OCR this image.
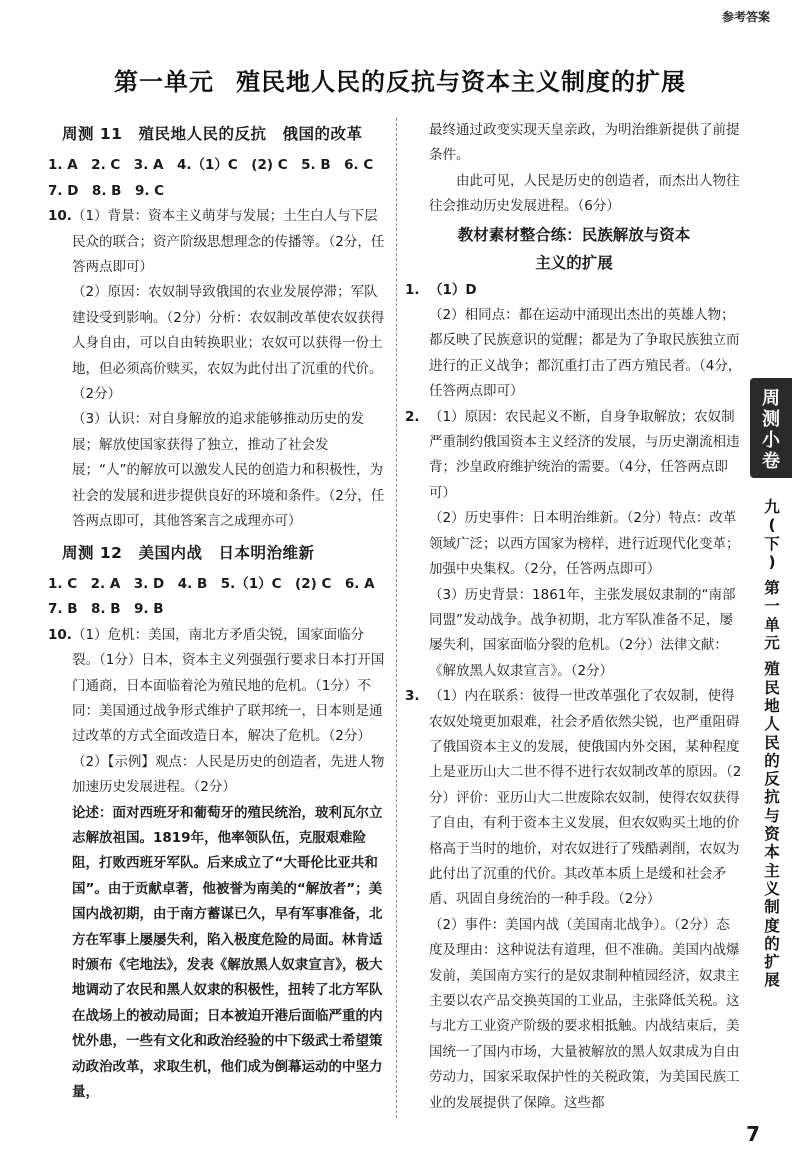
参考答案
第一单元 殖民地人民的反抗与资本主义制度的扩展
周测 11　殖民地人民的反抗　俄国的改革
1. A　2. C　3. A　4.（1）C　(2) C　5. B　6. C
7. D　8. B　9. C
10. （1）背景：资本主义萌芽与发展；土生白人与下层民众的联合；资产阶级思想理念的传播等。（2分，任答两点即可）

（2）原因：农奴制导致俄国的农业发展停滞；军队建设受到影响。（2分）分析：农奴制改革使农奴获得人身自由，可以自由转换职业；农奴可以获得一份土地，但必须高价赎买，农奴为此付出了沉重的代价。（2分）

（3）认识：对自身解放的追求能够推动历史的发展；解放使国家获得了独立，推动了社会发展；“人”的解放可以激发人民的创造力和积极性，为社会的发展和进步提供良好的环境和条件。（2分，任答两点即可，其他答案言之成理亦可）

周测 12　美国内战　日本明治维新
1. C　2. A　3. D　4. B　5.（1）C　(2) C　6. A
7. B　8. B　9. B
10. （1）危机：美国，南北方矛盾尖锐，国家面临分裂。（1分）日本，资本主义列强强行要求日本打开国门通商，日本面临着沦为殖民地的危机。（1分）不同：美国通过战争形式维护了联邦统一，日本则是通过改革的方式全面改造日本，解决了危机。（2分）

（2）【示例】观点：人民是历史的创造者，先进人物加速历史发展进程。（2分）

论述：面对西班牙和葡萄牙的殖民统治，玻利瓦尔立志解放祖国。1819年，他率领队伍，克服艰难险阻，打败西班牙军队。后来成立了“大哥伦比亚共和国”。由于贡献卓著，他被誉为南美的“解放者”；美国内战初期，由于南方蓄谋已久，早有军事准备，北方在军事上屡屡失利，陷入极度危险的局面。林肯适时颁布《宅地法》，发表《解放黑人奴隶宣言》，极大地调动了农民和黑人奴隶的积极性，扭转了北方军队在战场上的被动局面；日本被迫开港后面临严重的内忧外患，一些有文化和政治经验的中下级武士希望策动政治改革，求取生机，他们成为倒幕运动的中坚力量，

最终通过政变实现天皇亲政，为明治维新提供了前提条件。

由此可见，人民是历史的创造者，而杰出人物往往会推动历史发展进程。（6分）

教材素材整合练：民族解放与资本
主义的扩展
1. （1）D

（2）相同点：都在运动中涌现出杰出的英雄人物；都反映了民族意识的觉醒；都是为了争取民族独立而进行的正义战争；都沉重打击了西方殖民者。（4分，任答两点即可）

2. （1）原因：农民起义不断，自身争取解放；农奴制严重制约俄国资本主义经济的发展，与历史潮流相违背；沙皇政府维护统治的需要。（4分，任答两点即可）

（2）历史事件：日本明治维新。（2分）特点：改革领域广泛；以西方国家为榜样，进行近现代化变革；加强中央集权。（2分，任答两点即可）

（3）历史背景：1861年，主张发展奴隶制的“南部同盟”发动战争。战争初期，北方军队准备不足，屡屡失利，国家面临分裂的危机。（2分）法律文献：《解放黑人奴隶宣言》。（2分）

3. （1）内在联系：彼得一世改革强化了农奴制，使得农奴处境更加艰难，社会矛盾依然尖锐，也严重阻碍了俄国资本主义的发展，使俄国内外交困，某种程度上是亚历山大二世不得不进行农奴制改革的原因。（2分）评价：亚历山大二世废除农奴制，使得农奴获得了自由，有利于资本主义发展，但农奴购买土地的价格高于当时的地价，对农奴进行了残酷剥削，农奴为此付出了沉重的代价。其改革本质上是缓和社会矛盾、巩固自身统治的一种手段。（2分）

（2）事件：美国内战（美国南北战争）。（2分）态度及理由：这种说法有道理，但不准确。美国内战爆发前，美国南方实行的是奴隶制种植园经济，奴隶主主要以农产品交换英国的工业品，主张降低关税。这与北方工业资产阶级的要求相抵触。内战结束后，美国统一了国内市场，大量被解放的黑人奴隶成为自由劳动力，国家采取保护性的关税政策，为美国民族工业的发展提供了保障。这些都

周
测
小
卷
九
(
下
)
第
一
单
元
殖
民
地
人
民
的
反
抗
与
资
本
主
义
制
度
的
扩
展
7
